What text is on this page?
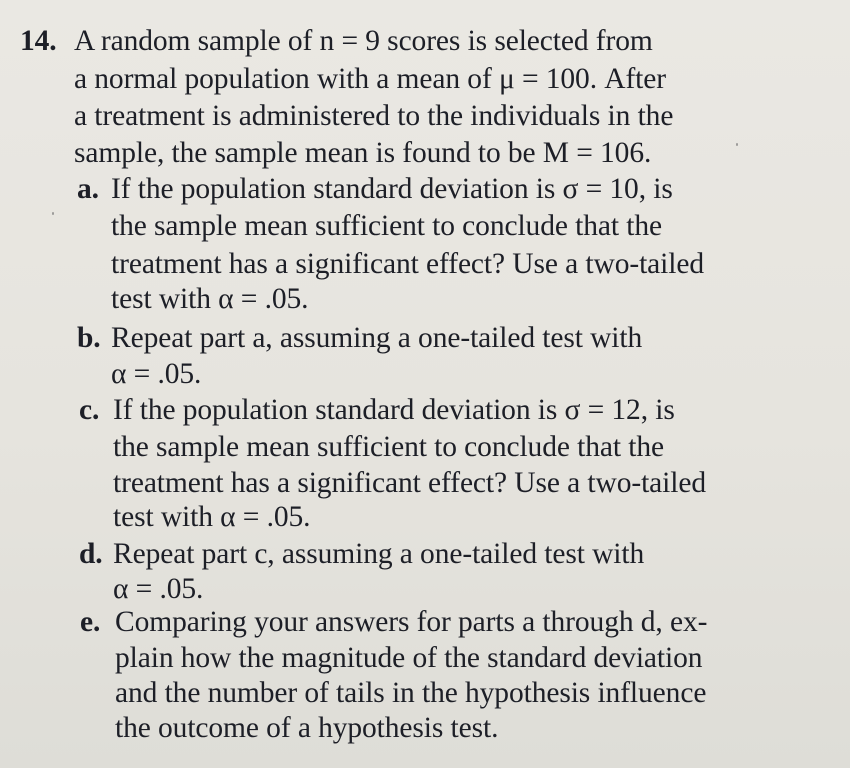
14. A random sample of n = 9 scores is selected from
a normal population with a mean of μ = 100. After
a treatment is administered to the individuals in the
sample, the sample mean is found to be M = 106.
a. If the population standard deviation is σ = 10, is
the sample mean sufficient to conclude that the
treatment has a significant effect? Use a two-tailed
test with α = .05.
b. Repeat part a, assuming a one-tailed test with
α = .05.
c. If the population standard deviation is σ = 12, is
the sample mean sufficient to conclude that the
treatment has a significant effect? Use a two-tailed
test with α = .05.
d. Repeat part c, assuming a one-tailed test with
α = .05.
e. Comparing your answers for parts a through d, ex-
plain how the magnitude of the standard deviation
and the number of tails in the hypothesis influence
the outcome of a hypothesis test.
